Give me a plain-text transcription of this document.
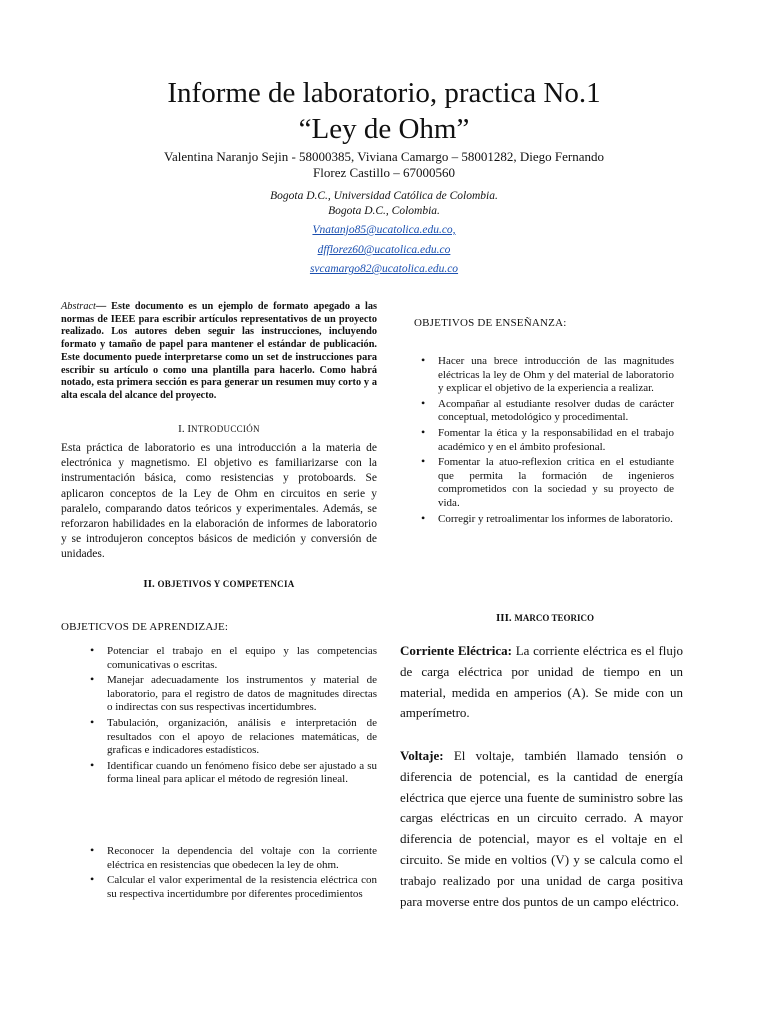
Informe de laboratorio, practica No.1
“Ley de Ohm”
Valentina Naranjo Sejin - 58000385, Viviana Camargo – 58001282, Diego Fernando Florez Castillo – 67000560
Bogota D.C., Universidad Católica de Colombia.
Bogota D.C., Colombia.
Vnatanjo85@ucatolica.edu.co,
dfflorez60@ucatolica.edu.co
svcamargo82@ucatolica.edu.co
Abstract— Este documento es un ejemplo de formato apegado a las normas de IEEE para escribir artículos representativos de un proyecto realizado. Los autores deben seguir las instrucciones, incluyendo formato y tamaño de papel para mantener el estándar de publicación. Este documento puede interpretarse como un set de instrucciones para escribir su artículo o como una plantilla para hacerlo. Como habrá notado, esta primera sección es para generar un resumen muy corto y a alta escala del alcance del proyecto.
I. INTRODUCCIÓN
Esta práctica de laboratorio es una introducción a la materia de electrónica y magnetismo. El objetivo es familiarizarse con la instrumentación básica, como resistencias y protoboards. Se aplicaron conceptos de la Ley de Ohm en circuitos en serie y paralelo, comparando datos teóricos y experimentales. Además, se reforzaron habilidades en la elaboración de informes de laboratorio y se introdujeron conceptos básicos de medición y conversión de unidades.
II. OBJETIVOS Y COMPETENCIA
OBJETICVOS DE APRENDIZAJE:
• Potenciar el trabajo en el equipo y las competencias comunicativas o escritas.
• Manejar adecuadamente los instrumentos y material de laboratorio, para el registro de datos de magnitudes directas o indirectas con sus respectivas incertidumbres.
• Tabulación, organización, análisis e interpretación de resultados con el apoyo de relaciones matemáticas, de graficas e indicadores estadísticos.
• Identificar cuando un fenómeno físico debe ser ajustado a su forma lineal para aplicar el método de regresión lineal.
• Reconocer la dependencia del voltaje con la corriente eléctrica en resistencias que obedecen la ley de ohm.
• Calcular el valor experimental de la resistencia eléctrica con su respectiva incertidumbre por diferentes procedimientos
OBJETIVOS DE ENSEÑANZA:
• Hacer una brece introducción de las magnitudes eléctricas la ley de Ohm y del material de laboratorio y explicar el objetivo de la experiencia a realizar.
• Acompañar al estudiante resolver dudas de carácter conceptual, metodológico y procedimental.
• Fomentar la ética y la responsabilidad en el trabajo académico y en el ámbito profesional.
• Fomentar la atuo-reflexion critica en el estudiante que permita la formación de ingenieros comprometidos con la sociedad y su proyecto de vida.
• Corregir y retroalimentar los informes de laboratorio.
III. MARCO TEORICO
Corriente Eléctrica: La corriente eléctrica es el flujo de carga eléctrica por unidad de tiempo en un material, medida en amperios (A). Se mide con un amperímetro.
Voltaje: El voltaje, también llamado tensión o diferencia de potencial, es la cantidad de energía eléctrica que ejerce una fuente de suministro sobre las cargas eléctricas en un circuito cerrado. A mayor diferencia de potencial, mayor es el voltaje en el circuito. Se mide en voltios (V) y se calcula como el trabajo realizado por una unidad de carga positiva para moverse entre dos puntos de un campo eléctrico.
